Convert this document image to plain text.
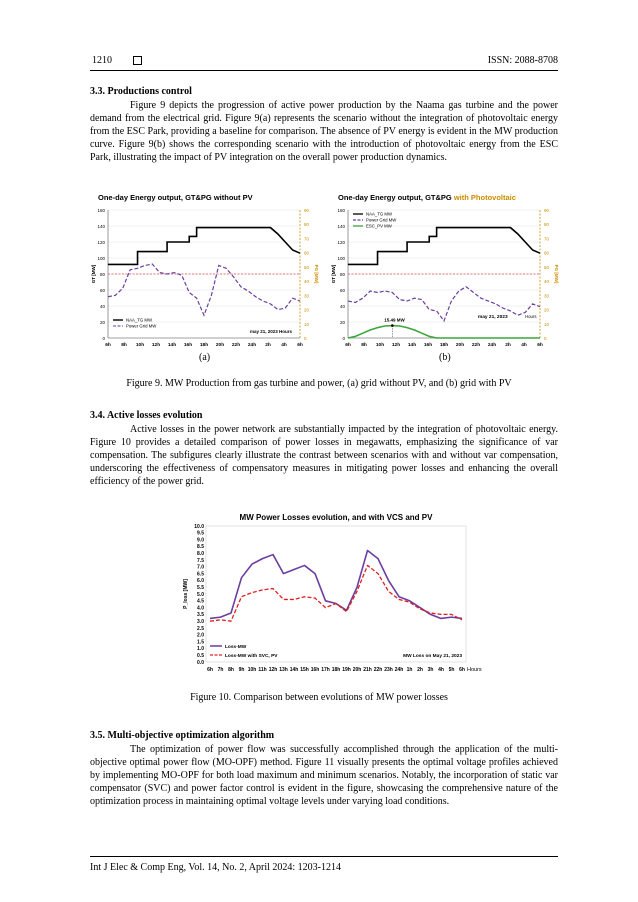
1210	ISSN: 2088-8708
3.3. Productions control

Figure 9 depicts the progression of active power production by the Naama gas turbine and the power demand from the electrical grid. Figure 9(a) represents the scenario without the integration of photovoltaic energy from the ESC Park, providing a baseline for comparison. The absence of PV energy is evident in the MW production curve. Figure 9(b) shows the corresponding scenario with the introduction of photovoltaic energy from the ESC Park, illustrating the impact of PV integration on the overall power production dynamics.

One-day Energy output, GT&PG without PV
0
20
40
60
80
100
120
140
160
0
10
20
30
40
50
60
70
80
90
GT [MW]	PG [MW]
6h 8h 10h 12h 14h 16h 18h 20h 22h 24h 2h 4h 6h
NAA_TG MW
Power Grid MW
may 21, 2023 Hours
One-day Energy output, GT&PG with Photovoltaic
0
20
40
60
80
100
120
140
160
0
10
20
30
40
50
60
70
80
90
GT [MW]	PG [MW]
6h 8h 10h 12h 14h 16h 18h 20h 22h 24h 2h 4h 6h
15.49 MW
NAA_TG MW
Power Grid MW
ESC_PV MW
may 21, 2023	Hours
(a)	(b)
Figure 9. MW Production from gas turbine and power, (a) grid without PV, and (b) grid with PV
3.4. Active losses evolution

Active losses in the power network are substantially impacted by the integration of photovoltaic energy. Figure 10 provides a detailed comparison of power losses in megawatts, emphasizing the significance of var compensation. The subfigures clearly illustrate the contrast between scenarios with and without var compensation, underscoring the effectiveness of compensatory measures in mitigating power losses and enhancing the overall efficiency of the power grid.

MW Power Losses evolution, and with VCS and PV
0.0
0.5
1.0
1.5
2.0
2.5
3.0
3.5
4.0
4.5
5.0
5.5
6.0
6.5
7.0
7.5
8.0
8.5
9.0
9.5
10.0
P_loss [MW]
6h 7h 8h 9h 10h 11h 12h 13h 14h 15h 16h 17h 18h 19h 20h 21h 22h 23h 24h 1h 2h 3h 4h 5h 6h Hours
Loss-MW
Loss-MW with SVC, PV	MW Loss on May 21, 2023
Figure 10. Comparison between evolutions of MW power losses
3.5. Multi-objective optimization algorithm

The optimization of power flow was successfully accomplished through the application of the multi-objective optimal power flow (MO-OPF) method. Figure 11 visually presents the optimal voltage profiles achieved by implementing MO-OPF for both load maximum and minimum scenarios. Notably, the incorporation of static var compensator (SVC) and power factor control is evident in the figure, showcasing the comprehensive nature of the optimization process in maintaining optimal voltage levels under varying load conditions.

Int J Elec & Comp Eng, Vol. 14, No. 2, April 2024: 1203-1214
